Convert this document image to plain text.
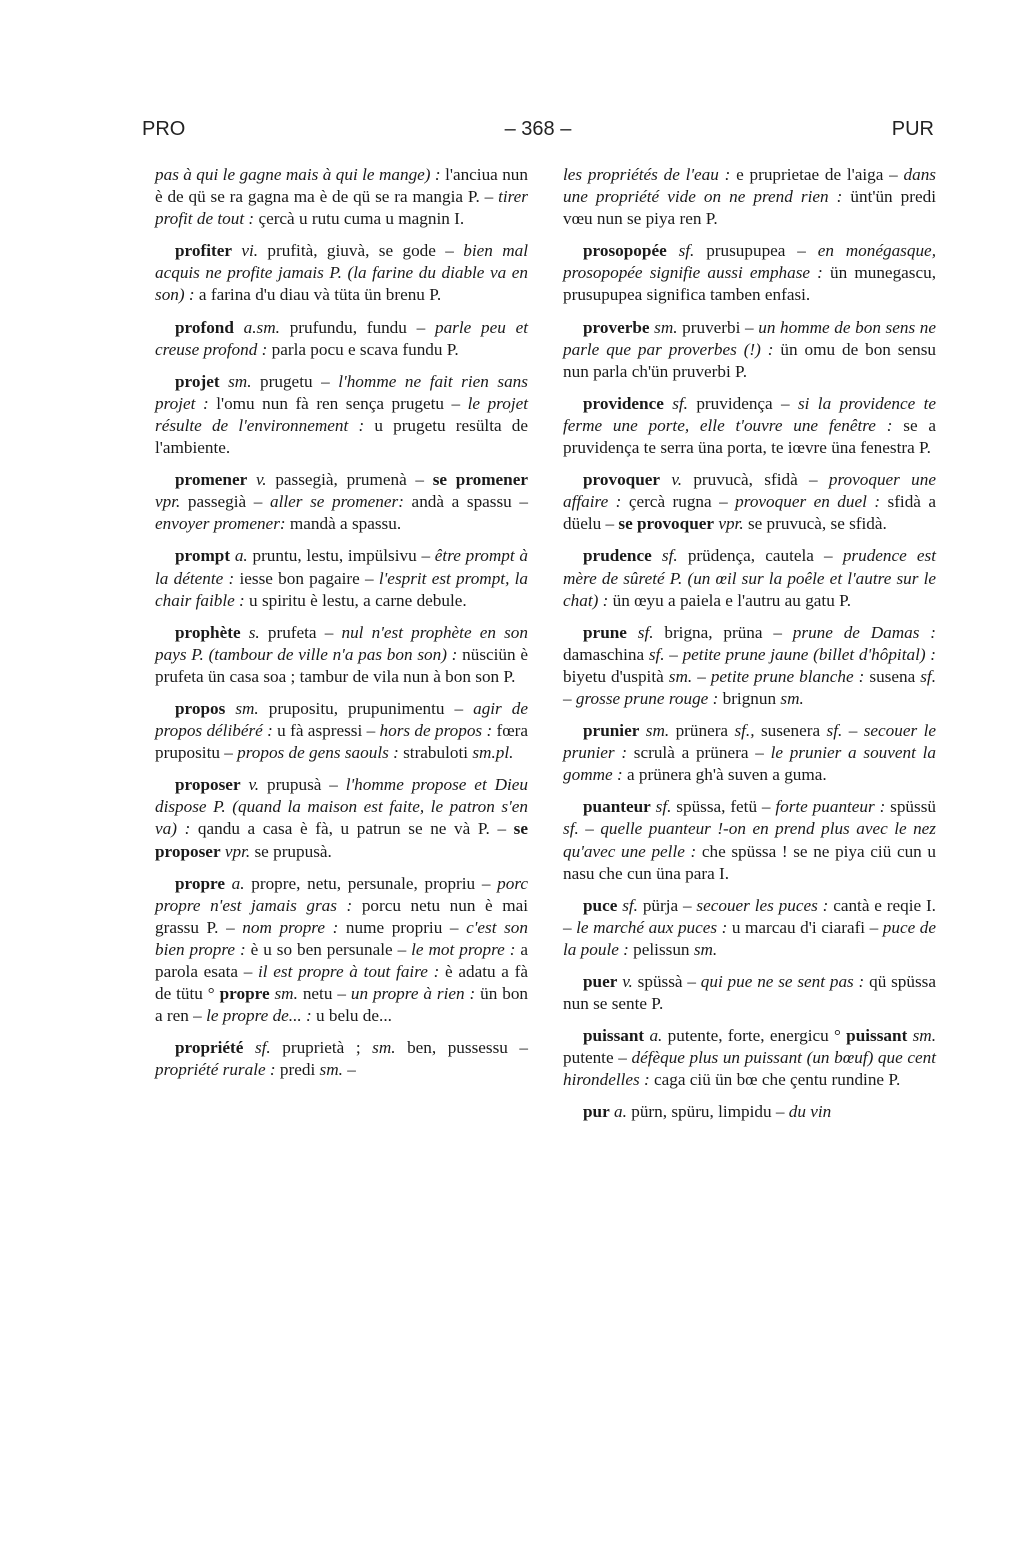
PRO	– 368 –	PUR

pas à qui le gagne mais à qui le mange) : l'anciua nun è de qü se ra gagna ma è de qü se ra mangia P. – tirer profit de tout : çercà u rutu cuma u magnin I.

profiter vi. prufità, giuvà, se gode – bien mal acquis ne profite jamais P. (la farine du diable va en son) : a farina d'u diau và tüta ün brenu P.

profond a.sm. prufundu, fundu – parle peu et creuse profond : parla pocu e scava fundu P.

projet sm. prugetu – l'homme ne fait rien sans projet : l'omu nun fà ren sença prugetu – le projet résulte de l'environnement : u prugetu resülta de l'ambiente.

promener v. passegià, prumenà – se promener vpr. passegià – aller se promener: andà a spassu – envoyer promener: mandà a spassu.

prompt a. pruntu, lestu, impülsivu – être prompt à la détente : iesse bon pagaire – l'esprit est prompt, la chair faible : u spiritu è lestu, a carne debule.

prophète s. prufeta – nul n'est prophète en son pays P. (tambour de ville n'a pas bon son) : nüsciün è prufeta ün casa soa ; tambur de vila nun à bon son P.

propos sm. prupositu, prupunimentu – agir de propos délibéré : u fà aspressi – hors de propos : fœra prupositu – propos de gens saouls : strabuloti sm.pl.

proposer v. prupusà – l'homme propose et Dieu dispose P. (quand la maison est faite, le patron s'en va) : qandu a casa è fà, u patrun se ne và P. – se proposer vpr. se prupusà.

propre a. propre, netu, persunale, propriu – porc propre n'est jamais gras : porcu netu nun è mai grassu P. – nom propre : nume propriu – c'est son bien propre : è u so ben persunale – le mot propre : a parola esata – il est propre à tout faire : è adatu a fà de tütu ° propre sm. netu – un propre à rien : ün bon a ren – le propre de... : u belu de...

propriété sf. pruprietà ; sm. ben, pussessu – propriété rurale : predi sm. –

les propriétés de l'eau : e pruprietae de l'aiga – dans une propriété vide on ne prend rien : ünt'ün predi vœu nun se piya ren P.

prosopopée sf. prusupupea – en monégasque, prosopopée signifie aussi emphase : ün munegascu, prusupupea significa tamben enfasi.

proverbe sm. pruverbi – un homme de bon sens ne parle que par proverbes (!) : ün omu de bon sensu nun parla ch'ün pruverbi P.

providence sf. pruvidença – si la providence te ferme une porte, elle t'ouvre une fenêtre : se a pruvidença te serra üna porta, te iœvre üna fenestra P.

provoquer v. pruvucà, sfidà – provoquer une affaire : çercà rugna – provoquer en duel : sfidà a düelu – se provoquer vpr. se pruvucà, se sfidà.

prudence sf. prüdença, cautela – prudence est mère de sûreté P. (un œil sur la poêle et l'autre sur le chat) : ün œyu a paiela e l'autru au gatu P.

prune sf. brigna, prüna – prune de Damas : damaschina sf. – petite prune jaune (billet d'hôpital) : biyetu d'uspità sm. – petite prune blanche : susena sf. – grosse prune rouge : brignun sm.

prunier sm. prünera sf., susenera sf. – secouer le prunier : scrulà a prünera – le prunier a souvent la gomme : a prünera gh'à suven a guma.

puanteur sf. spüssa, fetü – forte puanteur : spüssü sf. – quelle puanteur !-on en prend plus avec le nez qu'avec une pelle : che spüssa ! se ne piya ciü cun u nasu che cun üna para I.

puce sf. pürja – secouer les puces : cantà e reqie I. – le marché aux puces : u marcau d'i ciarafi – puce de la poule : pelissun sm.

puer v. spüssà – qui pue ne se sent pas : qü spüssa nun se sente P.

puissant a. putente, forte, energicu ° puissant sm. putente – défèque plus un puissant (un bœuf) que cent hirondelles : caga ciü ün bœ che çentu rundine P.

pur a. pürn, spüru, limpidu – du vin
